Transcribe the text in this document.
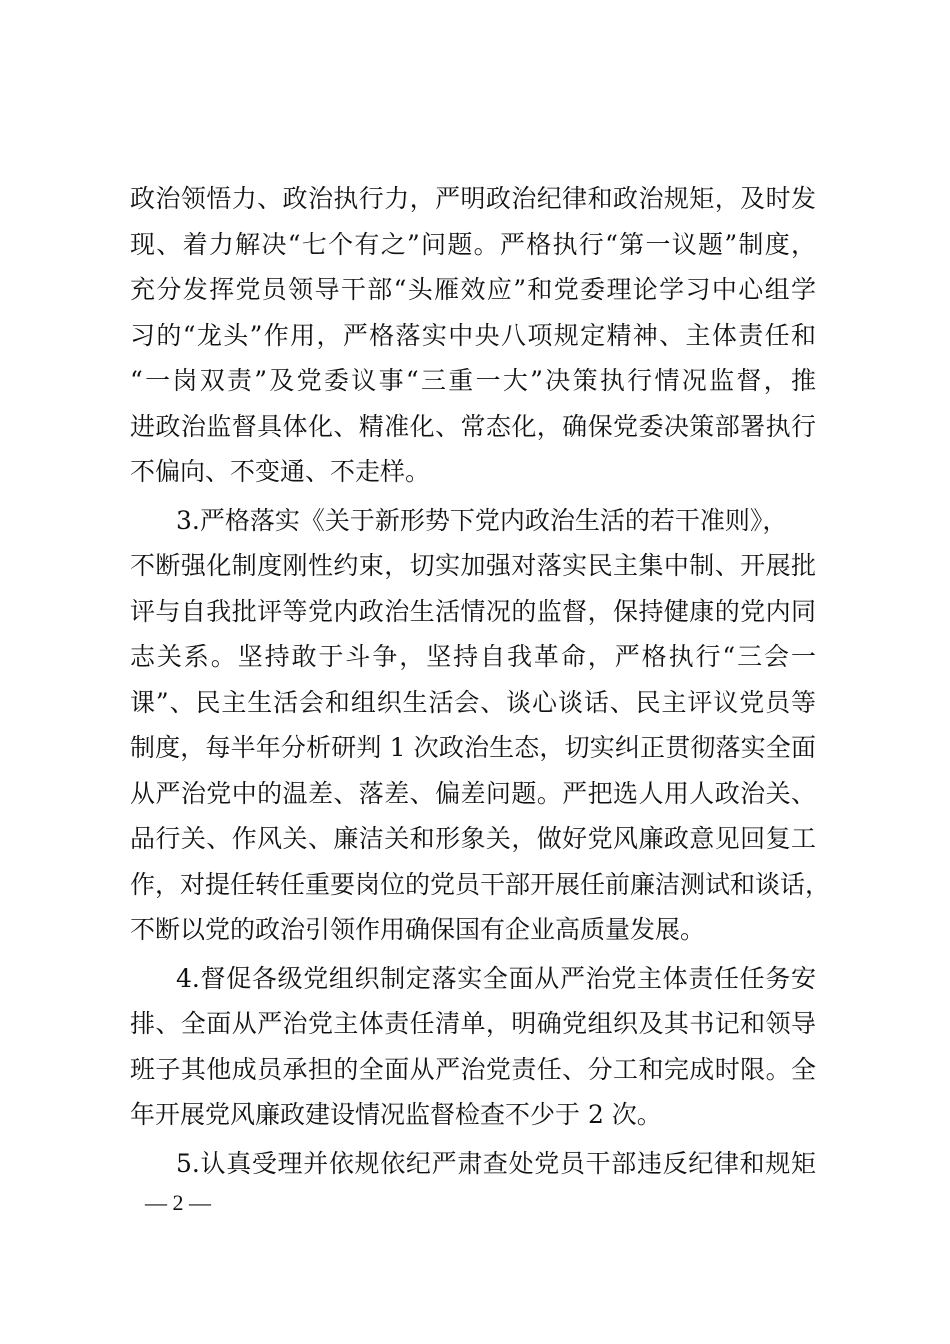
政治领悟力、政治执行力，严明政治纪律和政治规矩，及时发
现、着力解决“七个有之”问题。严格执行“第一议题”制度，
充分发挥党员领导干部“头雁效应”和党委理论学习中心组学
习的“龙头”作用，严格落实中央八项规定精神、主体责任和
“一岗双责”及党委议事“三重一大”决策执行情况监督，推
进政治监督具体化、精准化、常态化，确保党委决策部署执行
不偏向、不变通、不走样。
3.严格落实《关于新形势下党内政治生活的若干准则》，
不断强化制度刚性约束，切实加强对落实民主集中制、开展批
评与自我批评等党内政治生活情况的监督，保持健康的党内同
志关系。坚持敢于斗争，坚持自我革命，严格执行“三会一
课”、民主生活会和组织生活会、谈心谈话、民主评议党员等
制度，每半年分析研判 1 次政治生态，切实纠正贯彻落实全面
从严治党中的温差、落差、偏差问题。严把选人用人政治关、
品行关、作风关、廉洁关和形象关，做好党风廉政意见回复工
作，对提任转任重要岗位的党员干部开展任前廉洁测试和谈话，
不断以党的政治引领作用确保国有企业高质量发展。
4.督促各级党组织制定落实全面从严治党主体责任任务安
排、全面从严治党主体责任清单，明确党组织及其书记和领导
班子其他成员承担的全面从严治党责任、分工和完成时限。全
年开展党风廉政建设情况监督检查不少于 2 次。
5.认真受理并依规依纪严肃查处党员干部违反纪律和规矩
— 2 —
